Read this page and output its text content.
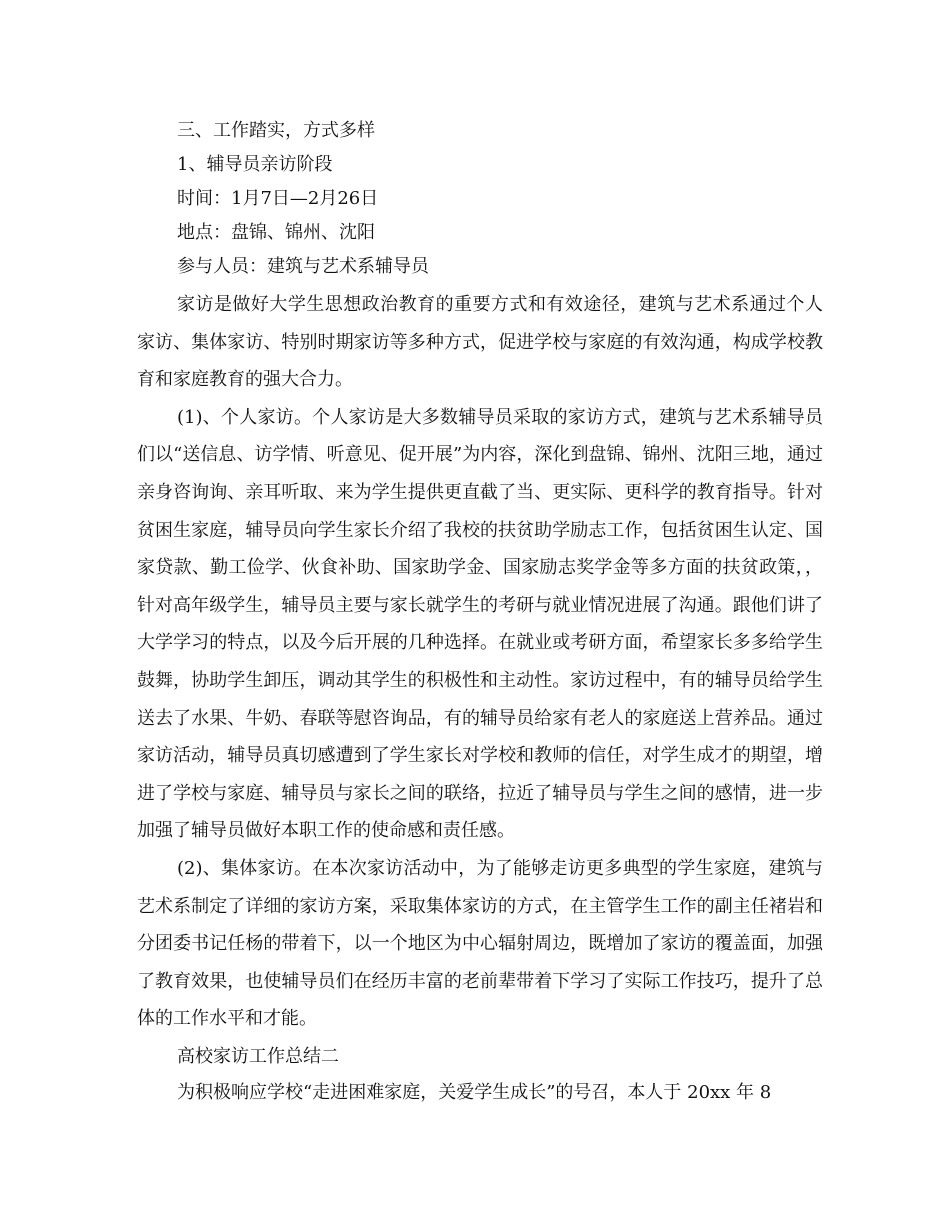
三、工作踏实，方式多样

1、辅导员亲访阶段

时间：1月7日—2月26日

地点：盘锦、锦州、沈阳

参与人员：建筑与艺术系辅导员

家访是做好大学生思想政治教育的重要方式和有效途径，建筑与艺术系通过个人家访、集体家访、特别时期家访等多种方式，促进学校与家庭的有效沟通，构成学校教育和家庭教育的强大合力。

(1)、个人家访。个人家访是大多数辅导员采取的家访方式，建筑与艺术系辅导员们以“送信息、访学情、听意见、促开展”为内容，深化到盘锦、锦州、沈阳三地，通过亲身咨询询、亲耳听取、来为学生提供更直截了当、更实际、更科学的教育指导。针对贫困生家庭，辅导员向学生家长介绍了我校的扶贫助学励志工作，包括贫困生认定、国家贷款、勤工俭学、伙食补助、国家助学金、国家励志奖学金等多方面的扶贫政策，，针对高年级学生，辅导员主要与家长就学生的考研与就业情况进展了沟通。跟他们讲了大学学习的特点，以及今后开展的几种选择。在就业或考研方面，希望家长多多给学生鼓舞，协助学生卸压，调动其学生的积极性和主动性。家访过程中，有的辅导员给学生送去了水果、牛奶、春联等慰咨询品，有的辅导员给家有老人的家庭送上营养品。通过家访活动，辅导员真切感遭到了学生家长对学校和教师的信任，对学生成才的期望，增进了学校与家庭、辅导员与家长之间的联络，拉近了辅导员与学生之间的感情，进一步加强了辅导员做好本职工作的使命感和责任感。

(2)、集体家访。在本次家访活动中，为了能够走访更多典型的学生家庭，建筑与艺术系制定了详细的家访方案，采取集体家访的方式，在主管学生工作的副主任褚岩和分团委书记任杨的带着下，以一个地区为中心辐射周边，既增加了家访的覆盖面，加强了教育效果，也使辅导员们在经历丰富的老前辈带着下学习了实际工作技巧，提升了总体的工作水平和才能。

高校家访工作总结二

为积极响应学校“走进困难家庭，关爱学生成长”的号召，本人于 20xx 年 8
